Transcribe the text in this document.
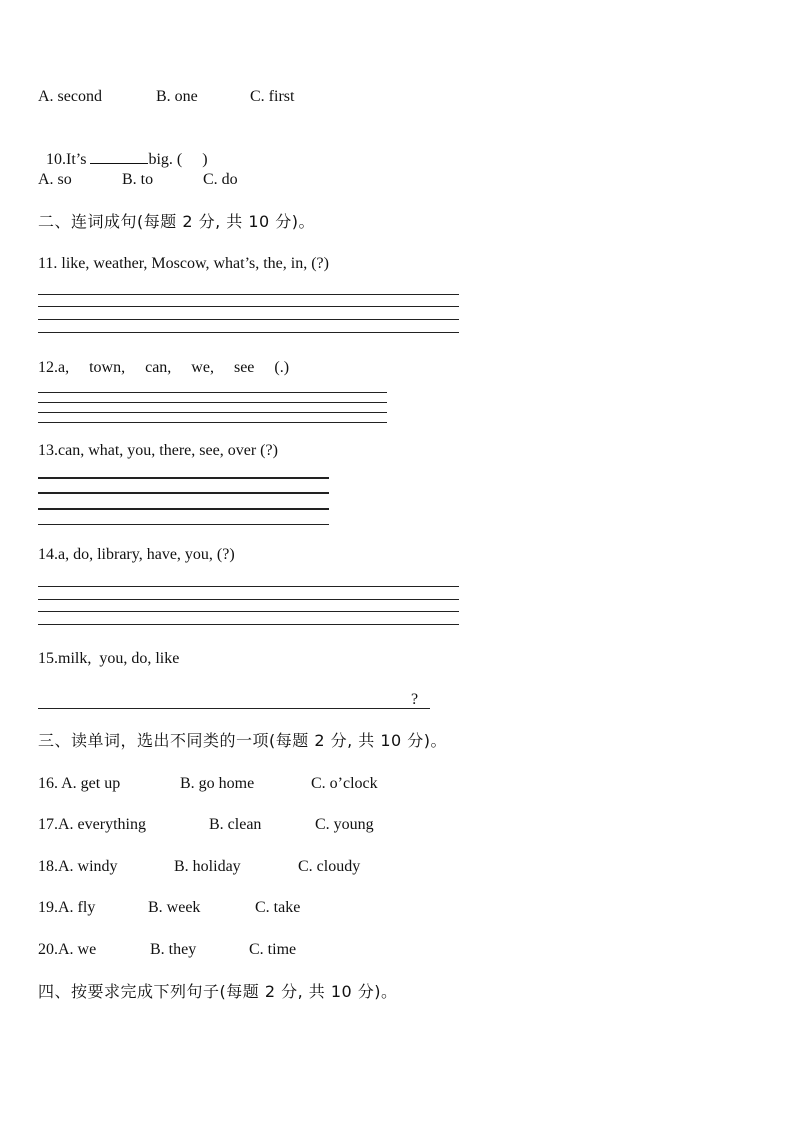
A. second

	B. one

	C. first

10.It’s	big. (     )

A. so

	B. to

	C. do

二、连词成句(每题 2 分, 共 10 分)。
11. like, weather, Moscow, what’s, the, in, (?)
12.a,     town,     can,     we,     see     (.)
13.can, what, you, there, see, over (?)
14.a, do, library, have, you, (?)
15.milk,  you, do, like
?
三、读单词，选出不同类的一项(每题 2 分, 共 10 分)。

16. A. get up

	B. go home

	C. o’clock

17.A. everything

	B. clean

	C. young

18.A. windy

	B. holiday

	C. cloudy

19.A. fly

	B. week

	C. take

20.A. we

	B. they

	C. time

四、按要求完成下列句子(每题 2 分, 共 10 分)。
